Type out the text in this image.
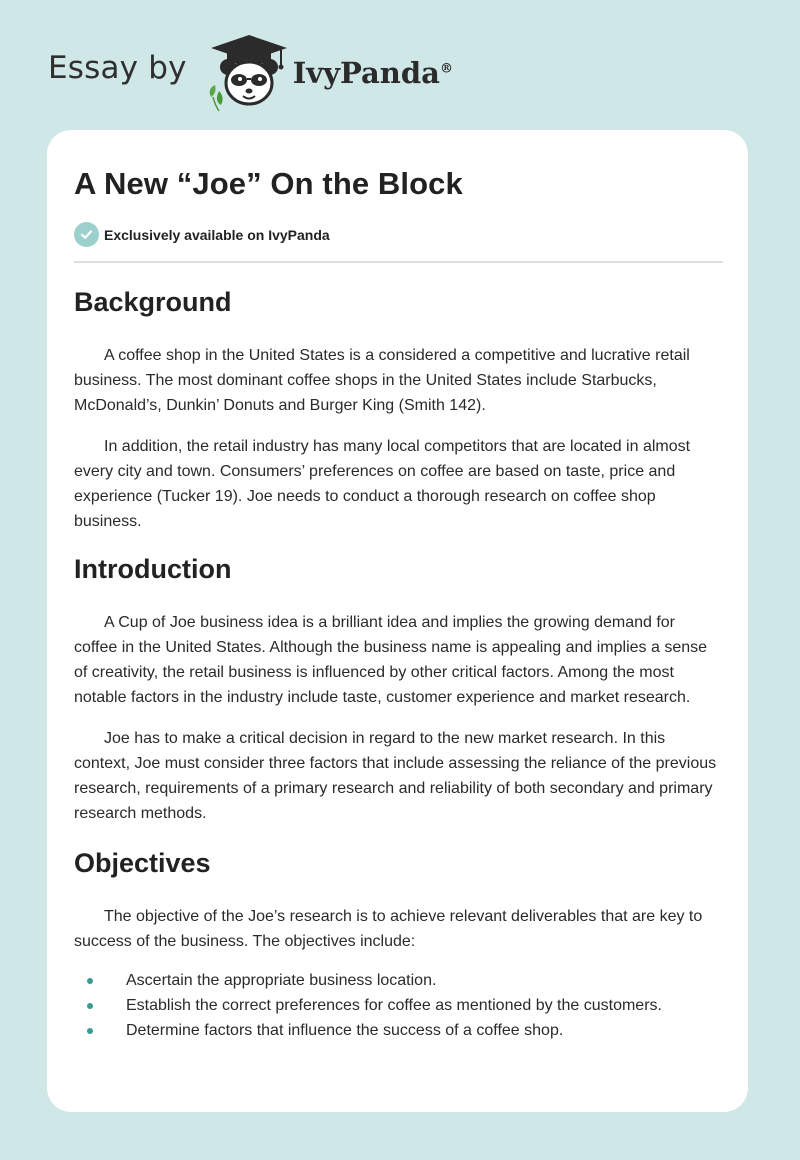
Essay by	IvyPanda®
A New “Joe” On the Block
Exclusively available on IvyPanda
Background

A coffee shop in the United States is a considered a competitive and lucrative retail business. The most dominant coffee shops in the United States include Starbucks, McDonald’s, Dunkin’ Donuts and Burger King (Smith 142).

In addition, the retail industry has many local competitors that are located in almost every city and town. Consumers’ preferences on coffee are based on taste, price and experience (Tucker 19). Joe needs to conduct a thorough research on coffee shop business.

Introduction

A Cup of Joe business idea is a brilliant idea and implies the growing demand for coffee in the United States. Although the business name is appealing and implies a sense of creativity, the retail business is influenced by other critical factors. Among the most notable factors in the industry include taste, customer experience and market research.

Joe has to make a critical decision in regard to the new market research. In this context, Joe must consider three factors that include assessing the reliance of the previous research, requirements of a primary research and reliability of both secondary and primary research methods.

Objectives

The objective of the Joe’s research is to achieve relevant deliverables that are key to success of the business. The objectives include:

Ascertain the appropriate business location.
Establish the correct preferences for coffee as mentioned by the customers.
Determine factors that influence the success of a coffee shop.
